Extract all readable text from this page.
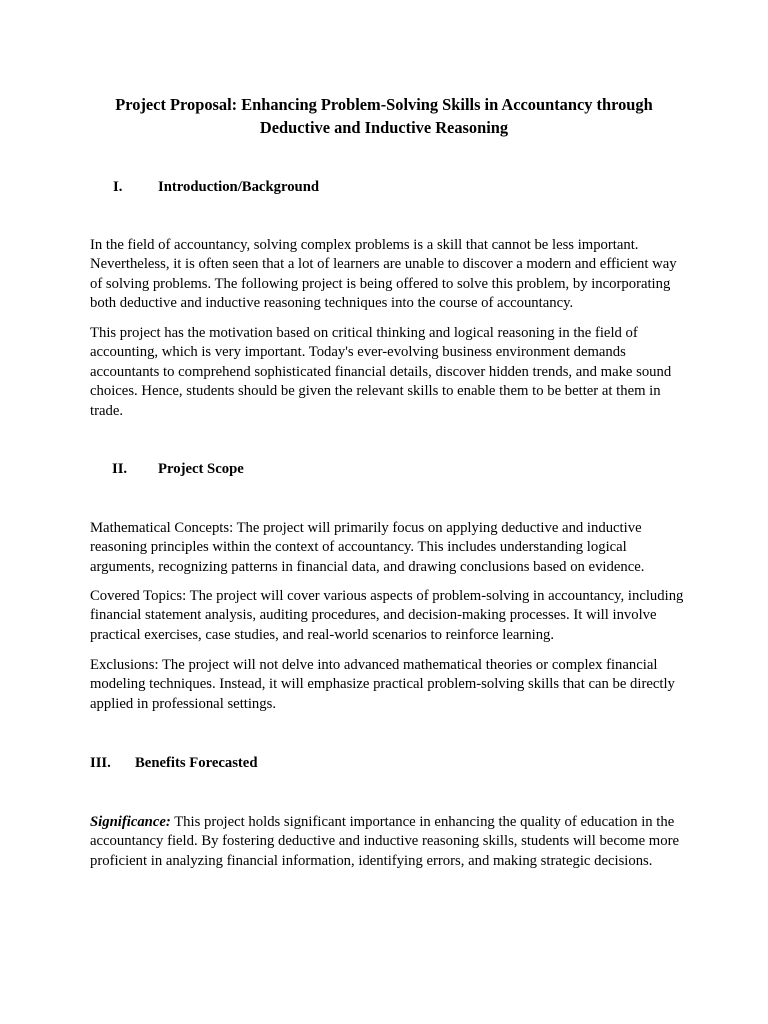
Project Proposal: Enhancing Problem-Solving Skills in Accountancy through Deductive and Inductive Reasoning
I. Introduction/Background

In the field of accountancy, solving complex problems is a skill that cannot be less important. Nevertheless, it is often seen that a lot of learners are unable to discover a modern and efficient way of solving problems. The following project is being offered to solve this problem, by incorporating both deductive and inductive reasoning techniques into the course of accountancy.

This project has the motivation based on critical thinking and logical reasoning in the field of accounting, which is very important. Today's ever-evolving business environment demands accountants to comprehend sophisticated financial details, discover hidden trends, and make sound choices. Hence, students should be given the relevant skills to enable them to be better at them in trade.

II. Project Scope

Mathematical Concepts: The project will primarily focus on applying deductive and inductive reasoning principles within the context of accountancy. This includes understanding logical arguments, recognizing patterns in financial data, and drawing conclusions based on evidence.

Covered Topics: The project will cover various aspects of problem-solving in accountancy, including financial statement analysis, auditing procedures, and decision-making processes. It will involve practical exercises, case studies, and real-world scenarios to reinforce learning.

Exclusions: The project will not delve into advanced mathematical theories or complex financial modeling techniques. Instead, it will emphasize practical problem-solving skills that can be directly applied in professional settings.

III. Benefits Forecasted

Significance: This project holds significant importance in enhancing the quality of education in the accountancy field. By fostering deductive and inductive reasoning skills, students will become more proficient in analyzing financial information, identifying errors, and making strategic decisions.
